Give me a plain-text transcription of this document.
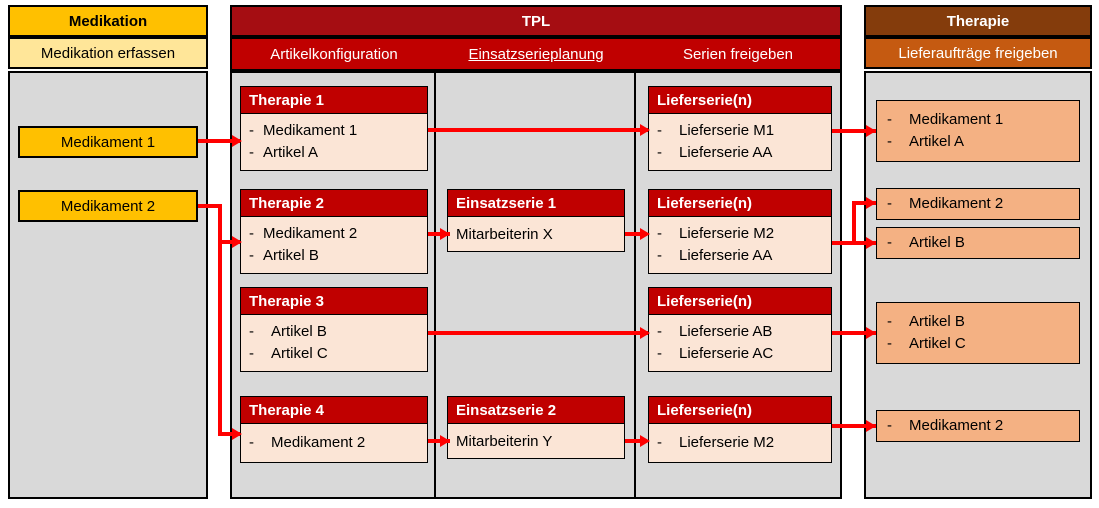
Medikation
Medikation erfassen
Medikament 1
Medikament 2
TPL
Artikelkonfiguration	Einsatzserieplanung	Serien freigeben
Therapie 1
- Medikament 1
- Artikel A
Therapie 2
- Medikament 2
- Artikel B
Therapie 3
- Artikel B
- Artikel C
Therapie 4
- Medikament 2
Einsatzserie 1
Mitarbeiterin X
Einsatzserie 2
Mitarbeiterin Y
Lieferserie(n)
- Lieferserie M1
- Lieferserie AA
Lieferserie(n)
- Lieferserie M2
- Lieferserie AA
Lieferserie(n)
- Lieferserie AB
- Lieferserie AC
Lieferserie(n)
- Lieferserie M2
Therapie
Lieferaufträge freigeben
- Medikament 1
- Artikel A
- Medikament 2
- Artikel B
- Artikel B
- Artikel C
- Medikament 2
